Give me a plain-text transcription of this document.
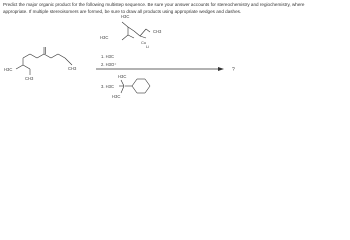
Predict the major organic product for the following multistep sequence. Be sure your answer accounts for stereochemistry and regiochemistry, where

appropriate. If multiple stereoisomers are formed, be sure to draw all products using appropriate wedges and dashes.

H3C
CH3
CH3
H3C
H3C
CH3
Cu
Li
1. H3C
2. H3O⁺
H3C
3. H3C
H3C
?
